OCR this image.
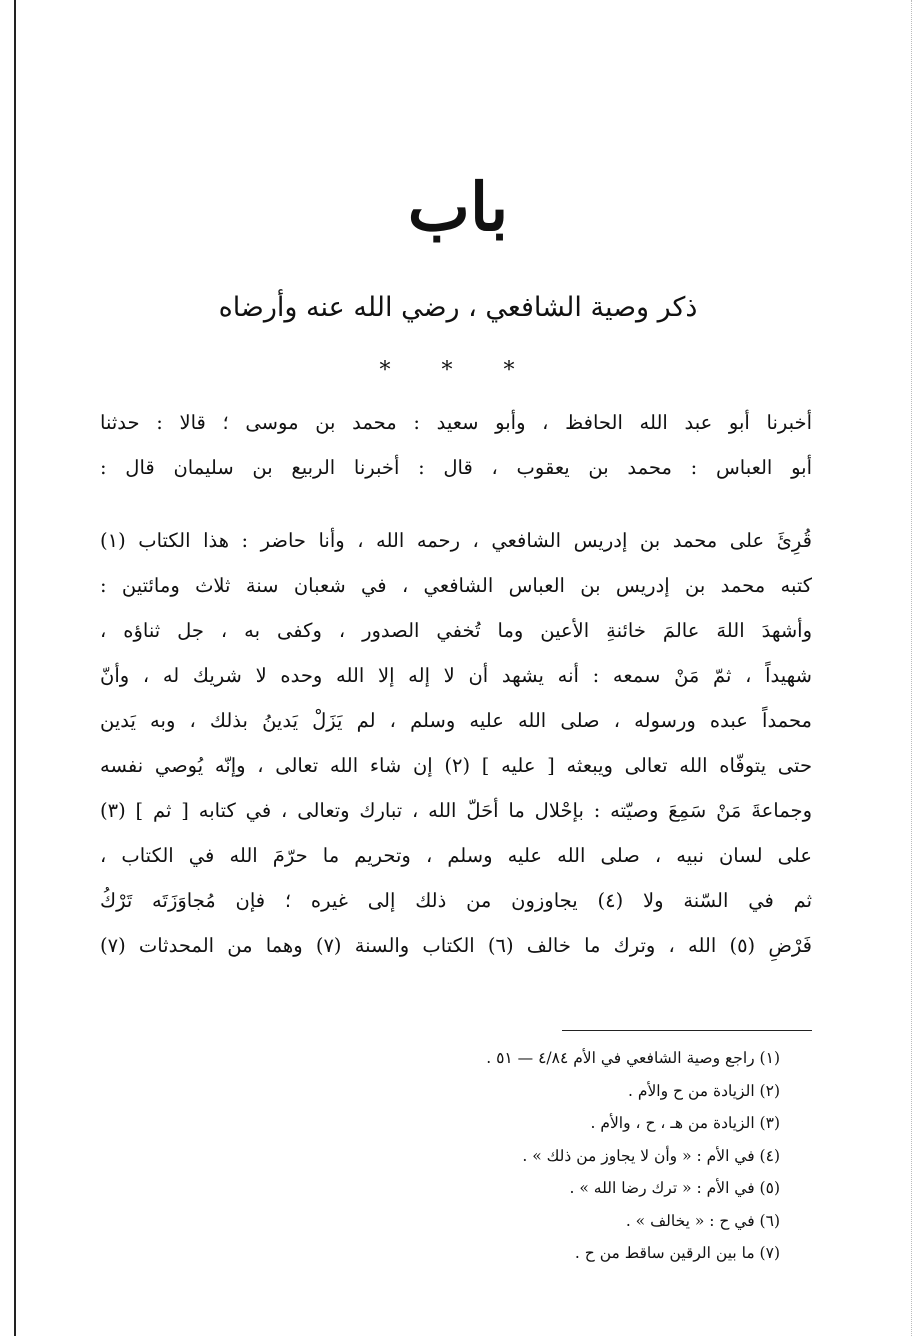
باب
ذكر وصية الشافعي ، رضي الله عنه وأرضاه
* * *
أخبرنا أبو عبد الله الحافظ ، وأبو سعيد : محمد بن موسى ؛ قالا : حدثنا
أبو العباس : محمد بن يعقوب ، قال : أخبرنا الربيع بن سليمان قال :
قُرِئَ على محمد بن إدريس الشافعي ، رحمه الله ، وأنا حاضر : هذا الكتاب (١)
كتبه محمد بن إدريس بن العباس الشافعي ، في شعبان سنة ثلاث ومائتين :
وأشهدَ اللهَ عالمَ خائنةِ الأعين وما تُخفي الصدور ، وكفى به ، جل ثناؤه ،
شهيداً ، ثمّ مَنْ سمعه : أنه يشهد أن لا إله إلا الله وحده لا شريك له ، وأنّ
محمداً عبده ورسوله ، صلى الله عليه وسلم ، لم يَزَلْ يَدينُ بذلك ، وبه يَدين
حتى يتوفّاه الله تعالى ويبعثه [ عليه ] (٢) إن شاء الله تعالى ، وإنّه يُوصي نفسه
وجماعةَ مَنْ سَمِعَ وصيّته : بإحْلال ما أحَلّ الله ، تبارك وتعالى ، في كتابه [ ثم ] (٣)
على لسان نبيه ، صلى الله عليه وسلم ، وتحريم ما حرّمَ الله في الكتاب ،
ثم في السّنة ولا (٤) يجاوزون من ذلك إلى غيره ؛ فإن مُجاوَزَتَه تَرْكُ
فَرْضِ (٥) الله ، وترك ما خالف (٦) الكتاب والسنة (٧) وهما من المحدثات (٧)
(١) راجع وصية الشافعي في الأم ٤/٨٤ — ٥١ .
(٢) الزيادة من ح والأم .
(٣) الزيادة من هـ ، ح ، والأم .
(٤) في الأم : « وأن لا يجاوز من ذلك » .
(٥) في الأم : « ترك رضا الله » .
(٦) في ح : « يخالف » .
(٧) ما بين الرقين ساقط من ح .
